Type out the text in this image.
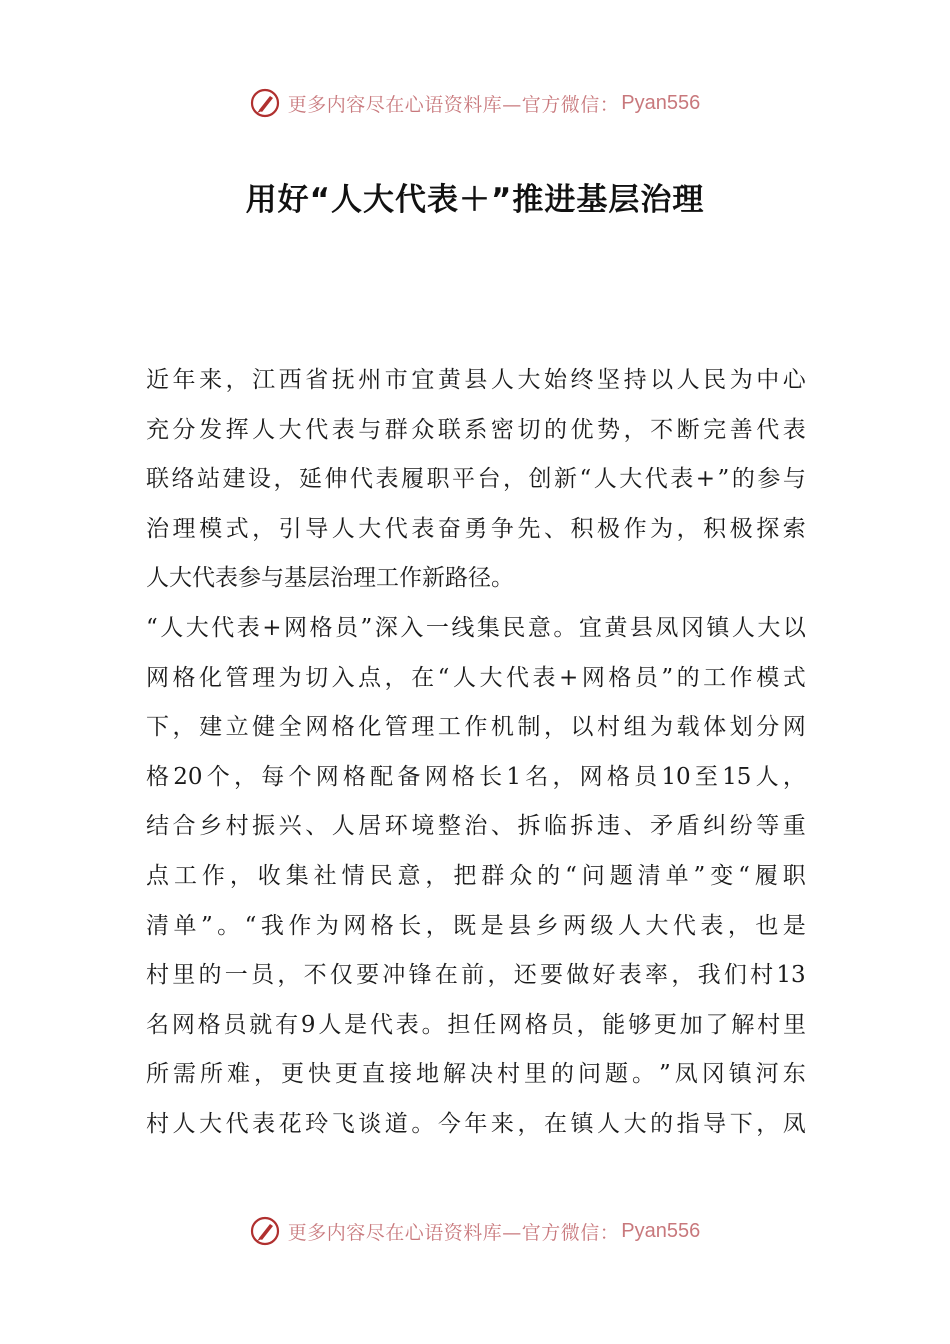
更多内容尽在心语资料库—官方微信： Pyan556
用好“人大代表＋”推进基层治理
近 年 来 ， 江 西 省 抚 州 市 宜 黄 县 人 大 始 终 坚 持 以 人 民 为 中 心
充 分 发 挥 人 大 代 表 与 群 众 联 系 密 切 的 优 势 ， 不 断 完 善 代 表
联 络 站 建 设 ， 延 伸 代 表 履 职 平 台 ， 创 新 “ 人 大 代 表 + ” 的 参 与
治 理 模 式 ， 引 导 人 大 代 表 奋 勇 争 先 、 积 极 作 为 ， 积 极 探 索
人大代表参与基层治理工作新路径。
“ 人 大 代 表 + 网 格 员 ” 深 入 一 线 集 民 意 。 宜 黄 县 凤 冈 镇 人 大 以
网 格 化 管 理 为 切 入 点 ， 在 “ 人 大 代 表 + 网 格 员 ” 的 工 作 模 式
下 ， 建 立 健 全 网 格 化 管 理 工 作 机 制 ， 以 村 组 为 载 体 划 分 网
格 20 个 ， 每 个 网 格 配 备 网 格 长 1 名 ， 网 格 员 10 至 15 人 ，
结 合 乡 村 振 兴 、 人 居 环 境 整 治 、 拆 临 拆 违 、 矛 盾 纠 纷 等 重
点 工 作 ， 收 集 社 情 民 意 ， 把 群 众 的 “ 问 题 清 单 ” 变 “ 履 职
清 单 ” 。 “ 我 作 为 网 格 长 ， 既 是 县 乡 两 级 人 大 代 表 ， 也 是
村 里 的 一 员 ， 不 仅 要 冲 锋 在 前 ， 还 要 做 好 表 率 ， 我 们 村 13
名 网 格 员 就 有 9 人 是 代 表 。 担 任 网 格 员 ， 能 够 更 加 了 解 村 里
所 需 所 难 ， 更 快 更 直 接 地 解 决 村 里 的 问 题 。 ” 凤 冈 镇 河 东
村 人 大 代 表 花 玲 飞 谈 道 。 今 年 来 ， 在 镇 人 大 的 指 导 下 ， 凤
更多内容尽在心语资料库—官方微信： Pyan556
